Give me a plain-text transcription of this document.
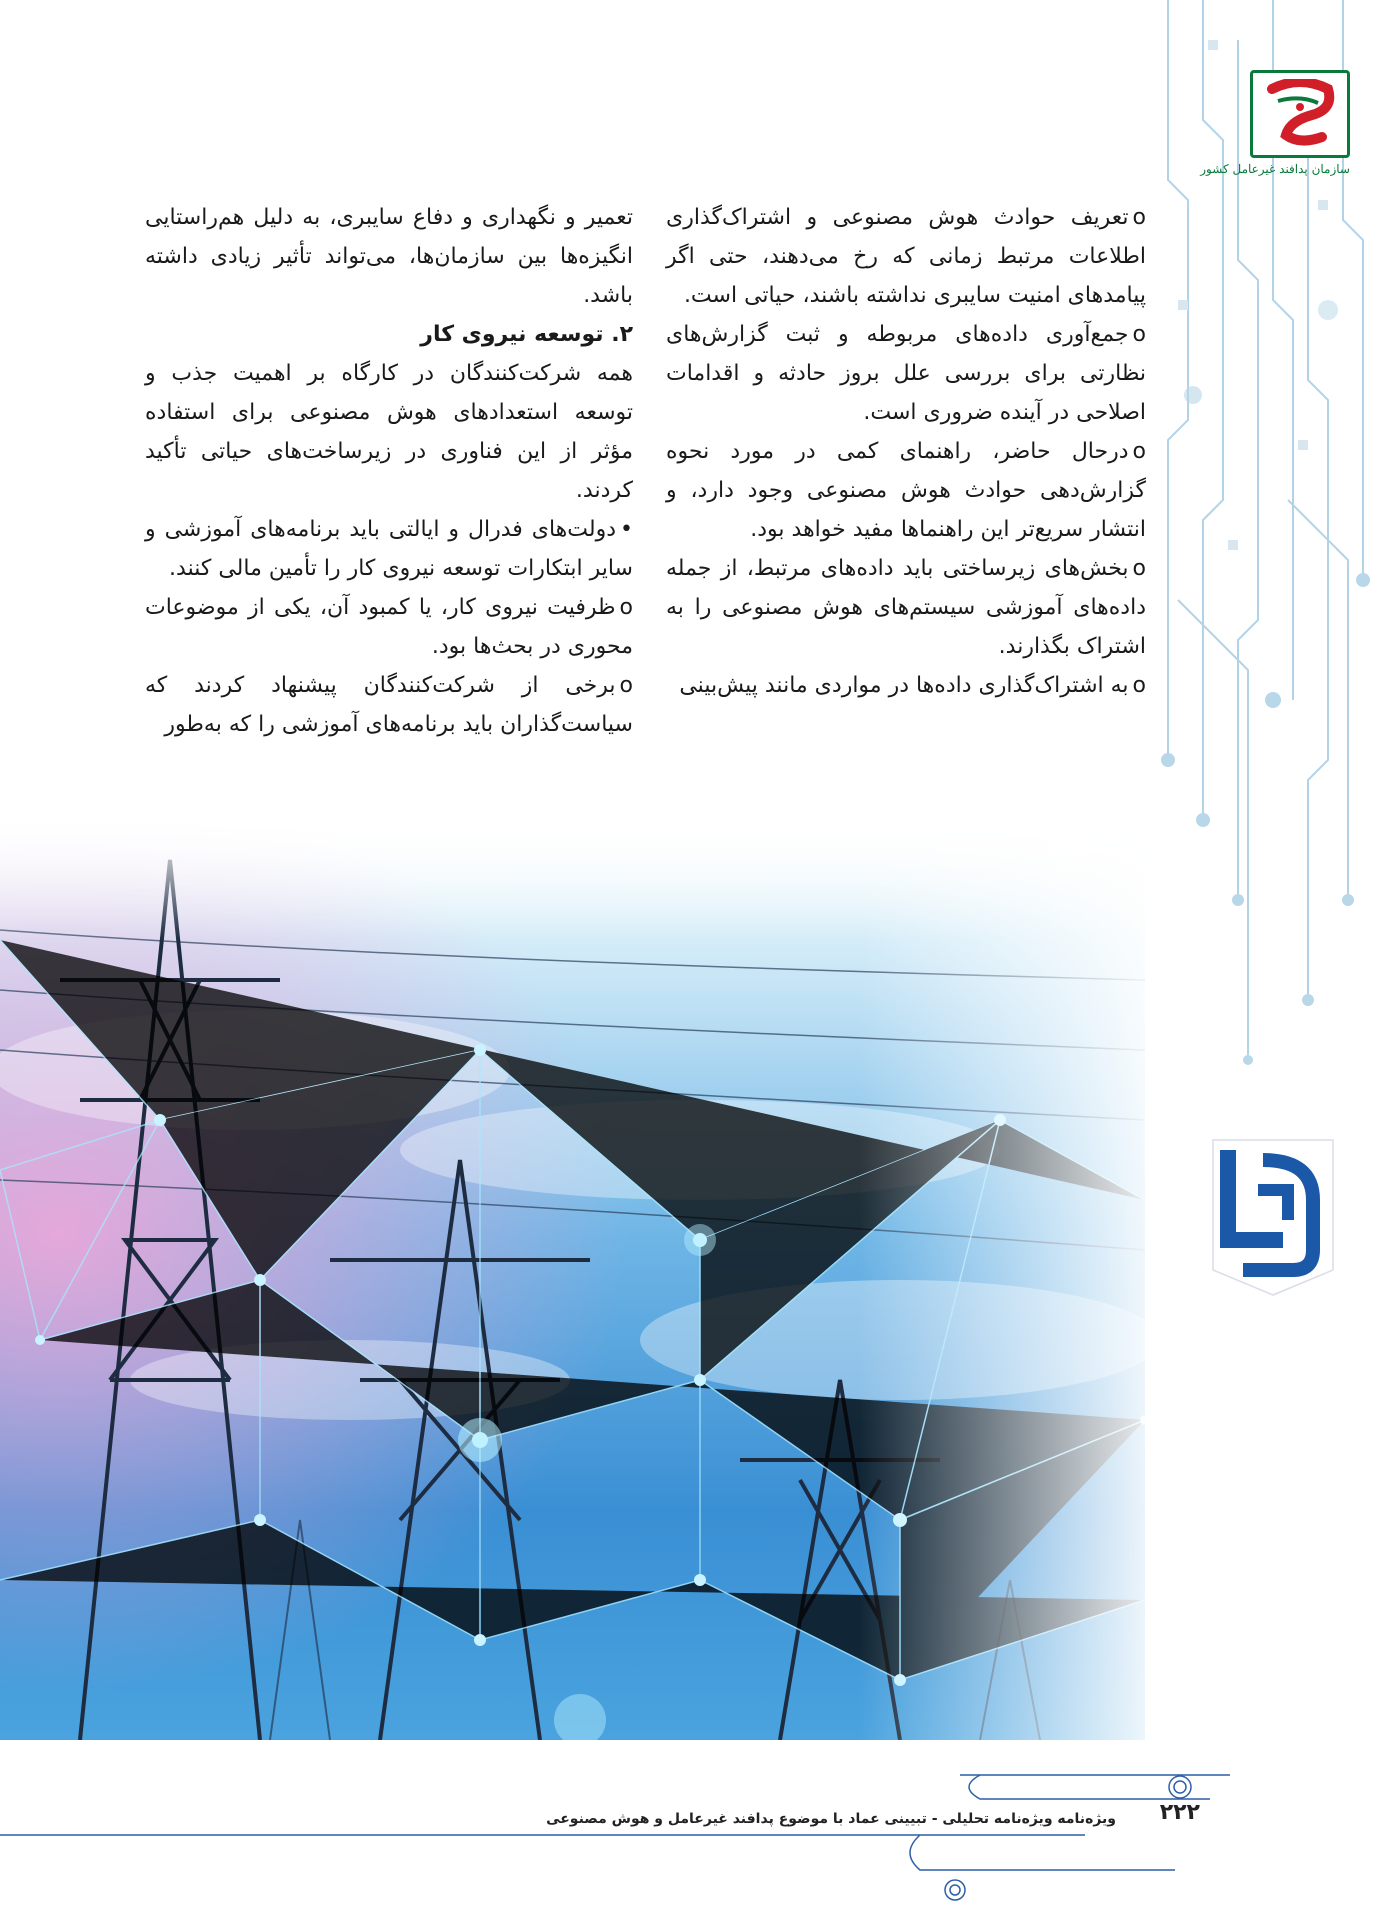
سازمان پدافند غیرعامل کشور

oتعریف حوادث هوش مصنوعی و اشتراک‌گذاری اطلاعات مرتبط زمانی که رخ می‌دهند، حتی اگر پیامدهای امنیت سایبری نداشته باشند، حیاتی است.

oجمع‌آوری داده‌های مربوطه و ثبت گزارش‌های نظارتی برای بررسی علل بروز حادثه و اقدامات اصلاحی در آینده ضروری است.

oدرحال حاضر، راهنمای کمی در مورد نحوه گزارش‌دهی حوادث هوش مصنوعی وجود دارد، و انتشار سریع‌تر این راهنماها مفید خواهد بود.

oبخش‌های زیرساختی باید داده‌های مرتبط، از جمله داده‌های آموزشی سیستم‌های هوش مصنوعی را به اشتراک بگذارند.

oبه اشتراک‌گذاری داده‌ها در مواردی مانند پیش‌بینی

تعمیر و نگهداری و دفاع سایبری، به دلیل هم‌راستایی انگیزه‌ها بین سازمان‌ها، می‌تواند تأثیر زیادی داشته باشد.

۲. توسعه نیروی کار

همه شرکت‌کنندگان در کارگاه بر اهمیت جذب و توسعه استعدادهای هوش مصنوعی برای استفاده مؤثر از این فناوری در زیرساخت‌های حیاتی تأکید کردند.

•دولت‌های فدرال و ایالتی باید برنامه‌های آموزشی و سایر ابتکارات توسعه نیروی کار را تأمین مالی کنند.

oظرفیت نیروی کار، یا کمبود آن، یکی از موضوعات محوری در بحث‌ها بود.

oبرخی از شرکت‌کنندگان پیشنهاد کردند که سیاست‌گذاران باید برنامه‌های آموزشی را که به‌طور

ویژه‌نامه ویژه‌نامه تحلیلی - تبیینی عماد با موضوع پدافند غیرعامل و هوش مصنوعی ۲۲۲
